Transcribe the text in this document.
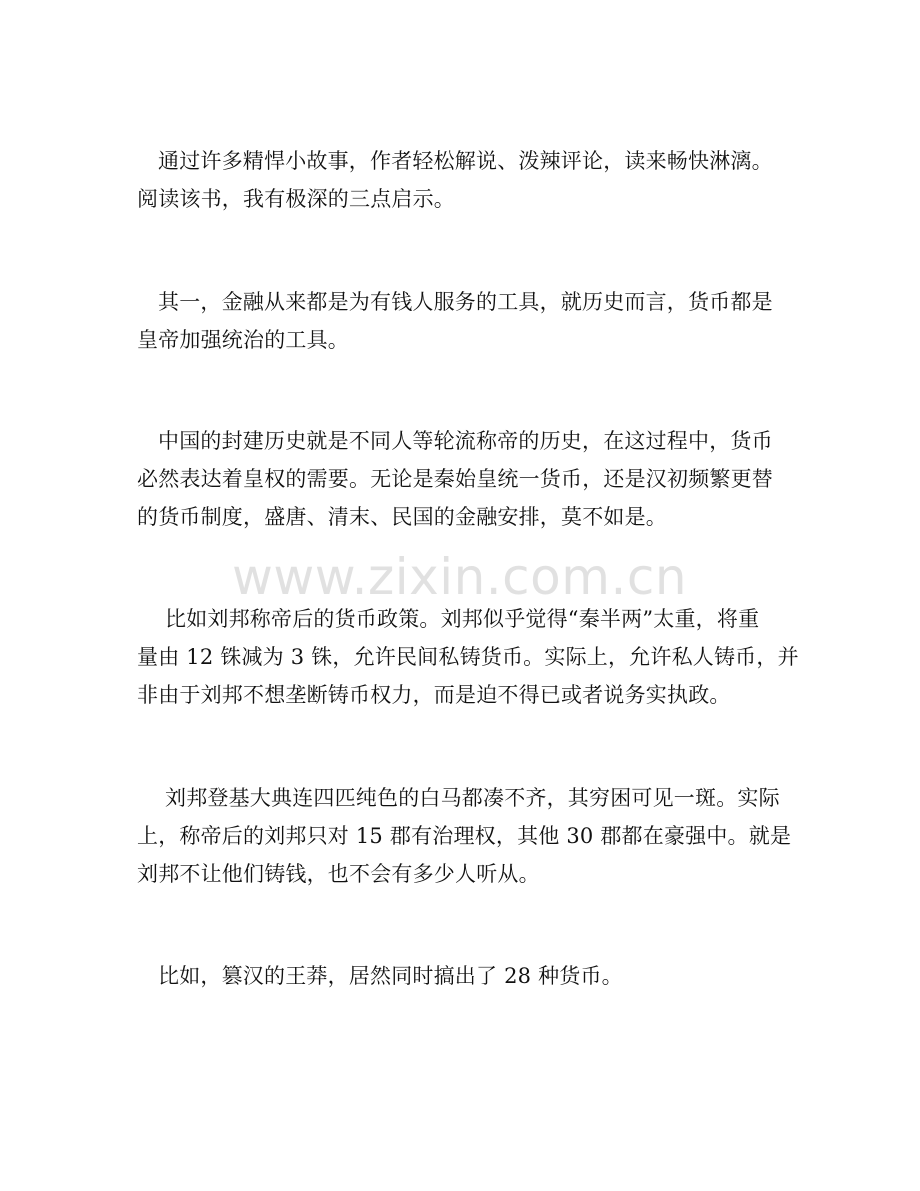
www.zixin.com.cn

通过许多精悍小故事，作者轻松解说、泼辣评论，读来畅快淋漓。
阅读该书，我有极深的三点启示。

其一，金融从来都是为有钱人服务的工具，就历史而言，货币都是
皇帝加强统治的工具。

中国的封建历史就是不同人等轮流称帝的历史，在这过程中，货币
必然表达着皇权的需要。无论是秦始皇统一货币，还是汉初频繁更替
的货币制度，盛唐、清末、民国的金融安排，莫不如是。

比如刘邦称帝后的货币政策。刘邦似乎觉得“秦半两”太重，将重
量由 12 铢减为 3 铢，允许民间私铸货币。实际上，允许私人铸币，并
非由于刘邦不想垄断铸币权力，而是迫不得已或者说务实执政。

刘邦登基大典连四匹纯色的白马都凑不齐，其穷困可见一斑。实际
上，称帝后的刘邦只对 15 郡有治理权，其他 30 郡都在豪强中。就是
刘邦不让他们铸钱，也不会有多少人听从。

比如，篡汉的王莽，居然同时搞出了 28 种货币。
